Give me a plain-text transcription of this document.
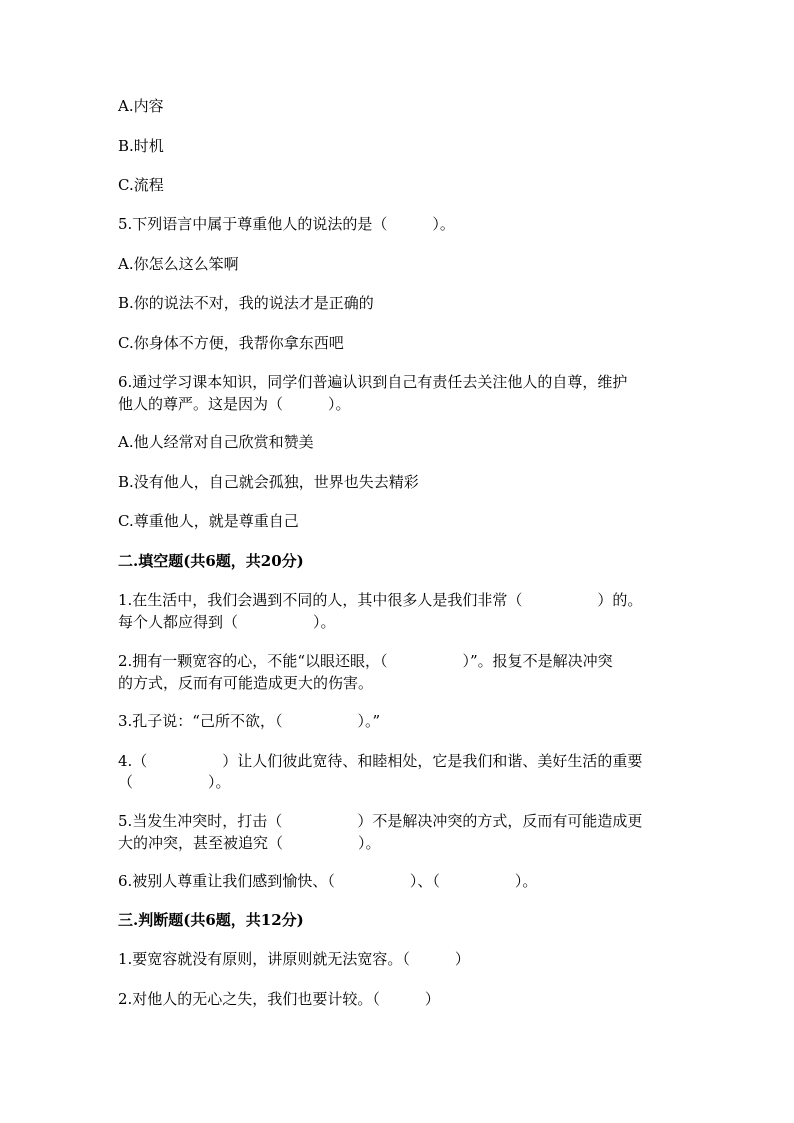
A.内容
B.时机
C.流程
5.下列语言中属于尊重他人的说法的是（　　　）。
A.你怎么这么笨啊
B.你的说法不对，我的说法才是正确的
C.你身体不方便，我帮你拿东西吧
6.通过学习课本知识，同学们普遍认识到自己有责任去关注他人的自尊，维护
他人的尊严。这是因为（　　　）。
A.他人经常对自己欣赏和赞美
B.没有他人，自己就会孤独，世界也失去精彩
C.尊重他人，就是尊重自己
二.填空题(共6题，共20分)
1.在生活中，我们会遇到不同的人，其中很多人是我们非常（　　　　　）的。
每个人都应得到（　　　　　）。
2.拥有一颗宽容的心，不能“以眼还眼，（　　　　　）”。报复不是解决冲突
的方式，反而有可能造成更大的伤害。
3.孔子说：“己所不欲，（　　　　　）。”
4.（　　　　　）让人们彼此宽待、和睦相处，它是我们和谐、美好生活的重要
（　　　　　）。
5.当发生冲突时，打击（　　　　　）不是解决冲突的方式，反而有可能造成更
大的冲突，甚至被追究（　　　　　）。
6.被别人尊重让我们感到愉快、（　　　　　）、（　　　　　）。
三.判断题(共6题，共12分)
1.要宽容就没有原则，讲原则就无法宽容。（　　　）
2.对他人的无心之失，我们也要计较。（　　　）
